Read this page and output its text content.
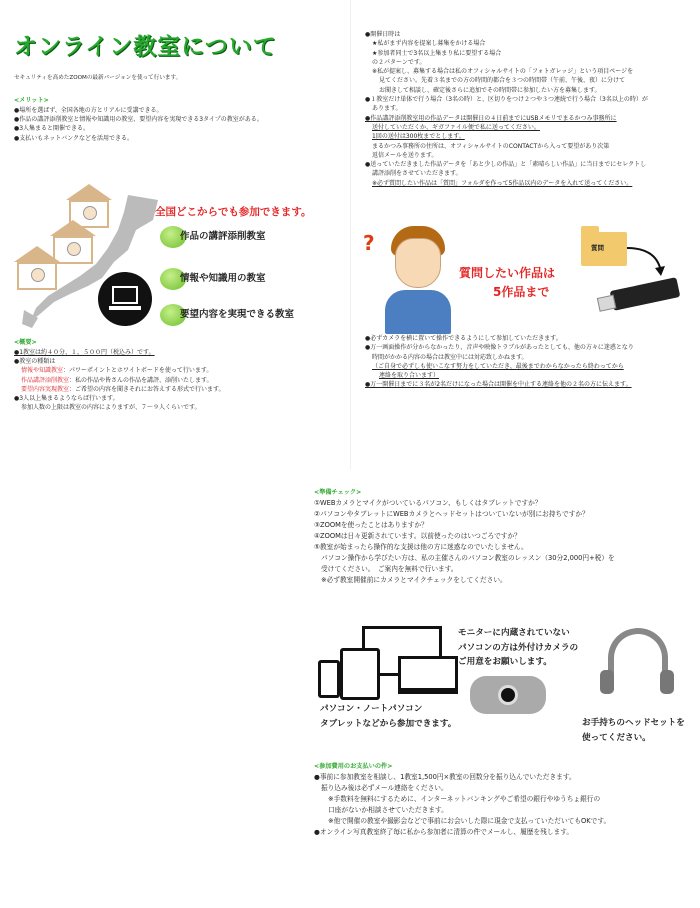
オンライン教室について
セキュリティを高めたZOOMの最新バージョンを使って行います。
<メリット>
●場所を選ばず、全国各地の方とリアルに受講できる。
●作品の講評添削教室と情報や知識用の教室、要望内容を実現できる3タイプの教室がある。
●3人集まると開催できる。
●支払いもネットバンクなどを活用できる。
全国どこからでも参加できます。
作品の講評添削教室
情報や知識用の教室
要望内容を実現できる教室
<概要>
●1教室は約４０分、１，５００円（税込み）です。
●教室の種類は
情報や知識教室：パワーポイントとホワイトボードを使って行います。
作品講評添削教室：私の作品や皆さんの作品を講評、添削いたします。
要望内容実現教室：ご希望の内容を聞きそれにお答えする形式で行います。
●3人以上集まるようならば行います。
参加人数の上限は教室の内容によりますが、７〜９人くらいです。
●開催日時は
★私がまず内容を提案し募集をかける場合
★参加者同士で3名以上集まり私に要望する場合
の２パターンです。
※私が提案し、募集する場合は私のオフィシャルサイトの「フォトガレッジ」という項目ページを
見てください。先着３名までの方の時間的都合を３つの時間帯（午前、午後、夜）に分けて
お聞きして相談し、確定後さらに追加でその時間帯に参加したい方を募集します。
●１教室だけ単体で行う場合（3名の時）と、区切りをつけ２つや３つ連続で行う場合（3名以上の時）が
あります。
●作品講評添削教室用の作品データは開催日の４日前までにUSBメモリでまるかつみ事務所に
送付していただくか、ギガファイル便で私に送ってください。
1回の送付は300枚までとします。
まるかつみ事務所の住所は、オフィシャルサイトのCONTACTから入って要望があり次第
返信メールを送ります。
●送っていただきました作品データを「あと少しの作品」と「素晴らしい作品」に当日までにセレクトし
講評添削をさせていただきます。
※必ず質問したい作品は「質問」フォルダを作って5作品以内のデータを入れて送ってください。
?
質問したい作品は
5作品まで
質問
●必ずカメラを横に置いて操作できるようにして参加していただきます。
●万一画面操作が分からなかったり、音声や映像トラブルがあったとしても、他の方々に迷惑となり
時間がかかる内容の場合は教室中には対応致しかねます。
（ご自身で必ずしも使いこなす努力をしていただき、最後までわからなかったら終わってから
連絡を取り合います）
●万一開催日までに３名が2名だけになった場合は開催を中止する連絡を他の２名の方に伝えます。
<準備チェック>
①WEBカメラとマイクがついているパソコン、もしくはタブレットですか？
②パソコンやタブレットにWEBカメラとヘッドセットはついていないが別にお持ちですか？
③ZOOMを使ったことはありますか？
④ZOOMは日々更新されています。以前使ったのはいつごろですか？
⑤教室が始まったら操作的な支援は他の方に迷惑なのでいたしません。
パソコン操作から学びたい方は、私の主催さんのパソコン教室のレッスン（30分2,000円+税）を
受けてください。　ご案内を無料で行います。
※必ず教室開催前にカメラとマイクチェックをしてください。
パソコン・ノートパソコン
タブレットなどから参加できます。
モニターに内蔵されていない
パソコンの方は外付けカメラの
ご用意をお願いします。
お手持ちのヘッドセットを
使ってください。
<参加費用のお支払いの件>
●事前に参加教室を相談し、1教室1,500円×教室の回数分を振り込んでいただきます。
振り込み後は必ずメール連絡をください。
※手数料を無料にするために、インターネットバンキングやご希望の銀行やゆうちょ銀行の
口座がないか相談させていただきます。
※他で開催の教室や撮影会などで事前にお会いした際に現金で支払っていただいてもOKです。
●オンライン写真教室終了毎に私から参加者に清算の件でメールし、履歴を残します。
